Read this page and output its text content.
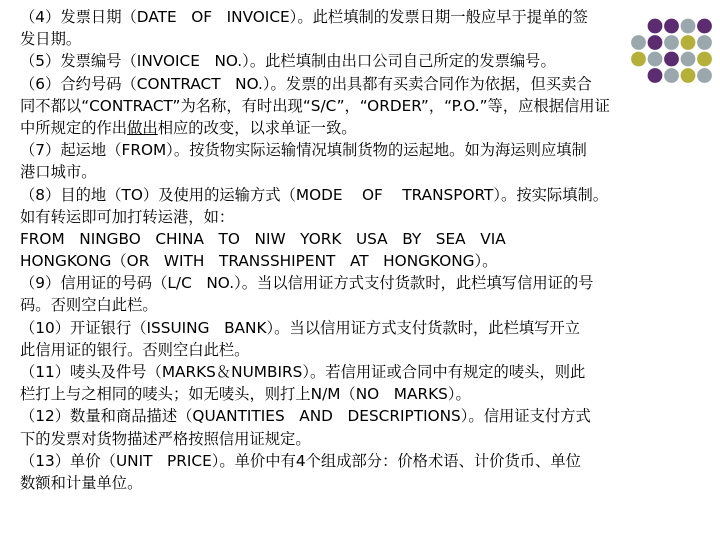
（4）发票日期（DATE   OF   INVOICE）。此栏填制的发票日期一般应早于提单的签
发日期。
（5）发票编号（INVOICE   NO.）。此栏填制由出口公司自己所定的发票编号。
（6）合约号码（CONTRACT   NO.）。发票的出具都有买卖合同作为依据，但买卖合
同不都以“CONTRACT”为名称，有时出现“S/C”，“ORDER”，“P.O.”等，应根据信用证
中所规定的作出做出相应的改变，以求单证一致。
（7）起运地（FROM）。按货物实际运输情况填制货物的运起地。如为海运则应填制
港口城市。
（8）目的地（TO）及使用的运输方式（MODE    OF    TRANSPORT）。按实际填制。
如有转运即可加打转运港，如：
FROM   NINGBO   CHINA   TO   NIW   YORK   USA   BY   SEA   VIA
HONGKONG（OR   WITH   TRANSSHIPENT   AT   HONGKONG）。
（9）信用证的号码（L/C   NO.）。当以信用证方式支付货款时，此栏填写信用证的号
码。否则空白此栏。
（10）开证银行（ISSUING   BANK）。当以信用证方式支付货款时，此栏填写开立
此信用证的银行。否则空白此栏。
（11）唛头及件号（MARKS＆NUMBIRS）。若信用证或合同中有规定的唛头，则此
栏打上与之相同的唛头；如无唛头，则打上N/M（NO   MARKS）。
（12）数量和商品描述（QUANTITIES   AND   DESCRIPTIONS）。信用证支付方式
下的发票对货物描述严格按照信用证规定。
（13）单价（UNIT   PRICE）。单价中有4个组成部分：价格术语、计价货币、单位
数额和计量单位。
